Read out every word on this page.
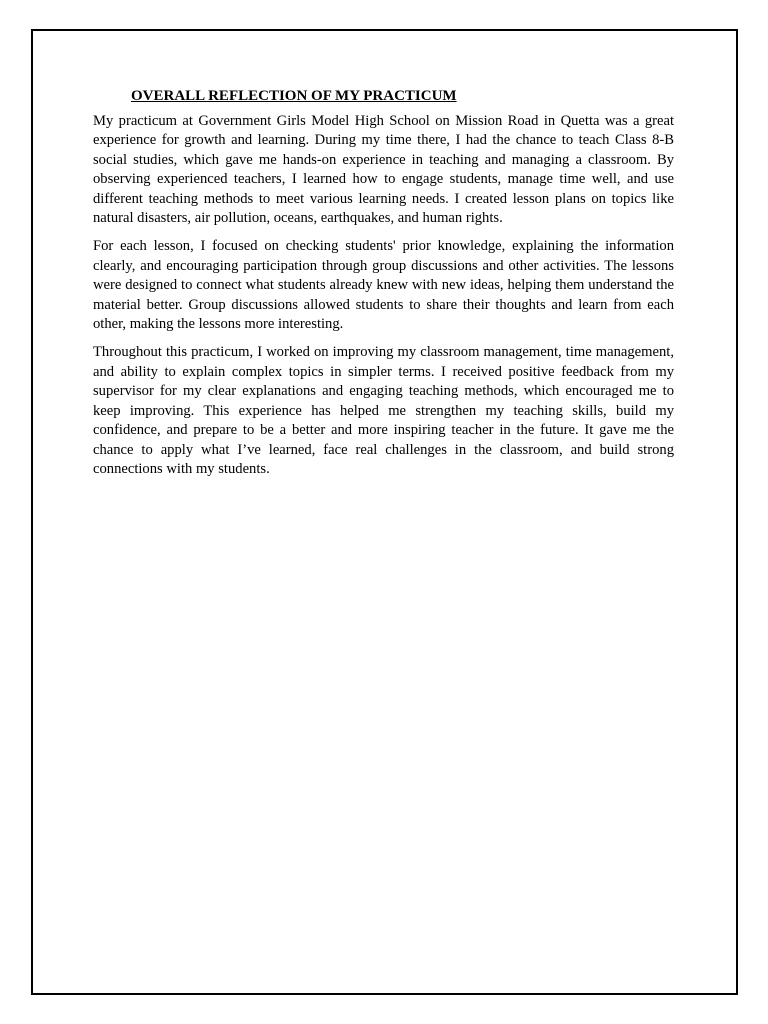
OVERALL REFLECTION OF MY PRACTICUM

My practicum at Government Girls Model High School on Mission Road in Quetta was a great experience for growth and learning. During my time there, I had the chance to teach Class 8-B social studies, which gave me hands-on experience in teaching and managing a classroom. By observing experienced teachers, I learned how to engage students, manage time well, and use different teaching methods to meet various learning needs. I created lesson plans on topics like natural disasters, air pollution, oceans, earthquakes, and human rights.

For each lesson, I focused on checking students' prior knowledge, explaining the information clearly, and encouraging participation through group discussions and other activities. The lessons were designed to connect what students already knew with new ideas, helping them understand the material better. Group discussions allowed students to share their thoughts and learn from each other, making the lessons more interesting.

Throughout this practicum, I worked on improving my classroom management, time management, and ability to explain complex topics in simpler terms. I received positive feedback from my supervisor for my clear explanations and engaging teaching methods, which encouraged me to keep improving. This experience has helped me strengthen my teaching skills, build my confidence, and prepare to be a better and more inspiring teacher in the future. It gave me the chance to apply what I’ve learned, face real challenges in the classroom, and build strong connections with my students.
